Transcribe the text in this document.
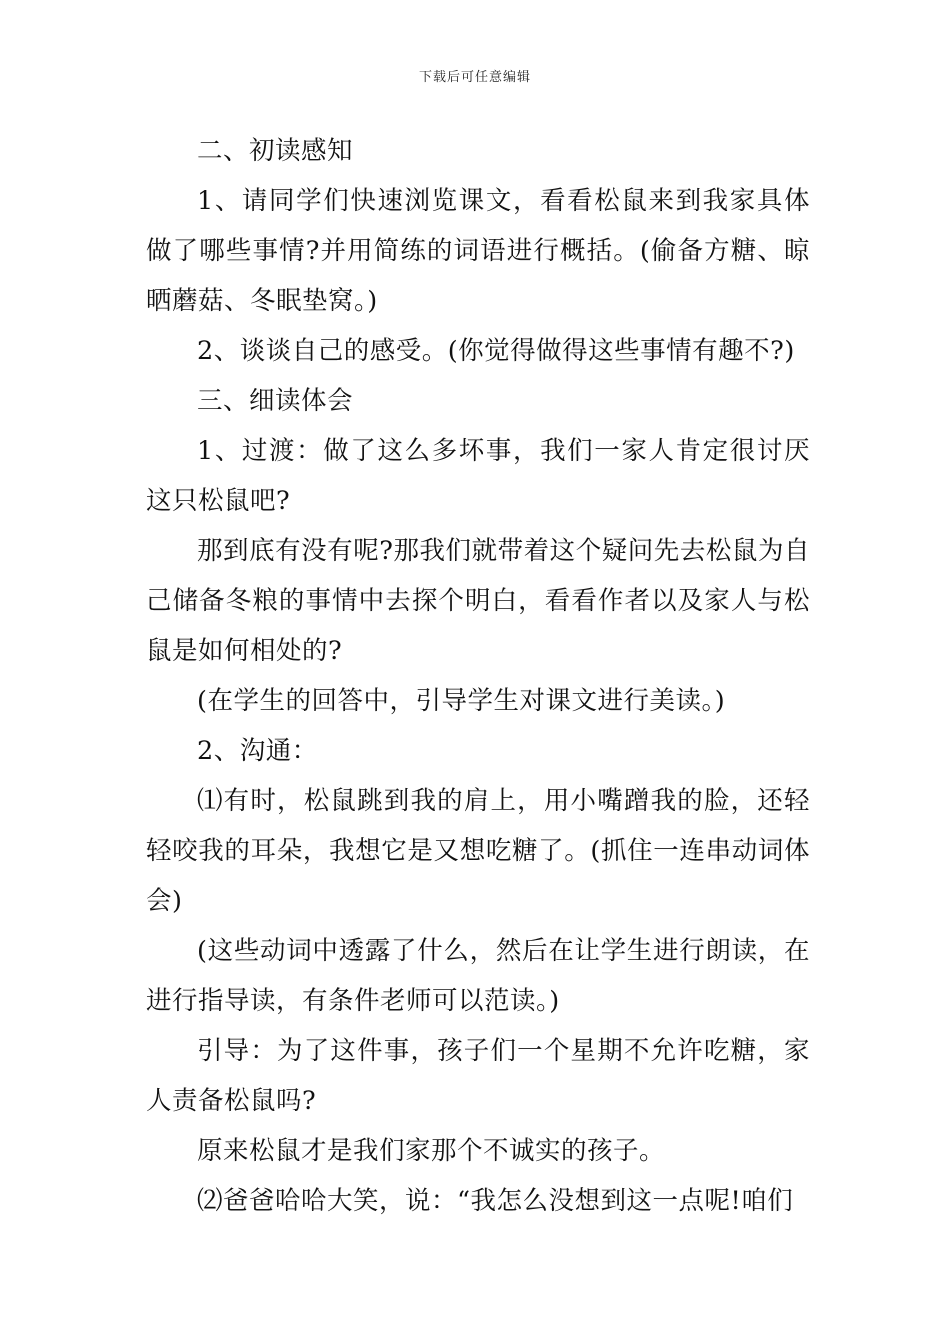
下载后可任意编辑

二、初读感知

1、请同学们快速浏览课文，看看松鼠来到我家具体做了哪些事情?并用简练的词语进行概括。(偷备方糖、晾晒蘑菇、冬眠垫窝。)

2、谈谈自己的感受。(你觉得做得这些事情有趣不?)

三、细读体会

1、过渡：做了这么多坏事，我们一家人肯定很讨厌这只松鼠吧?

那到底有没有呢?那我们就带着这个疑问先去松鼠为自己储备冬粮的事情中去探个明白，看看作者以及家人与松鼠是如何相处的?

(在学生的回答中，引导学生对课文进行美读。)

2、沟通：

⑴有时，松鼠跳到我的肩上，用小嘴蹭我的脸，还轻轻咬我的耳朵，我想它是又想吃糖了。(抓住一连串动词体会)

(这些动词中透露了什么，然后在让学生进行朗读，在进行指导读，有条件老师可以范读。)

引导：为了这件事，孩子们一个星期不允许吃糖，家人责备松鼠吗?

原来松鼠才是我们家那个不诚实的孩子。

⑵爸爸哈哈大笑，说：“我怎么没想到这一点呢!咱们
